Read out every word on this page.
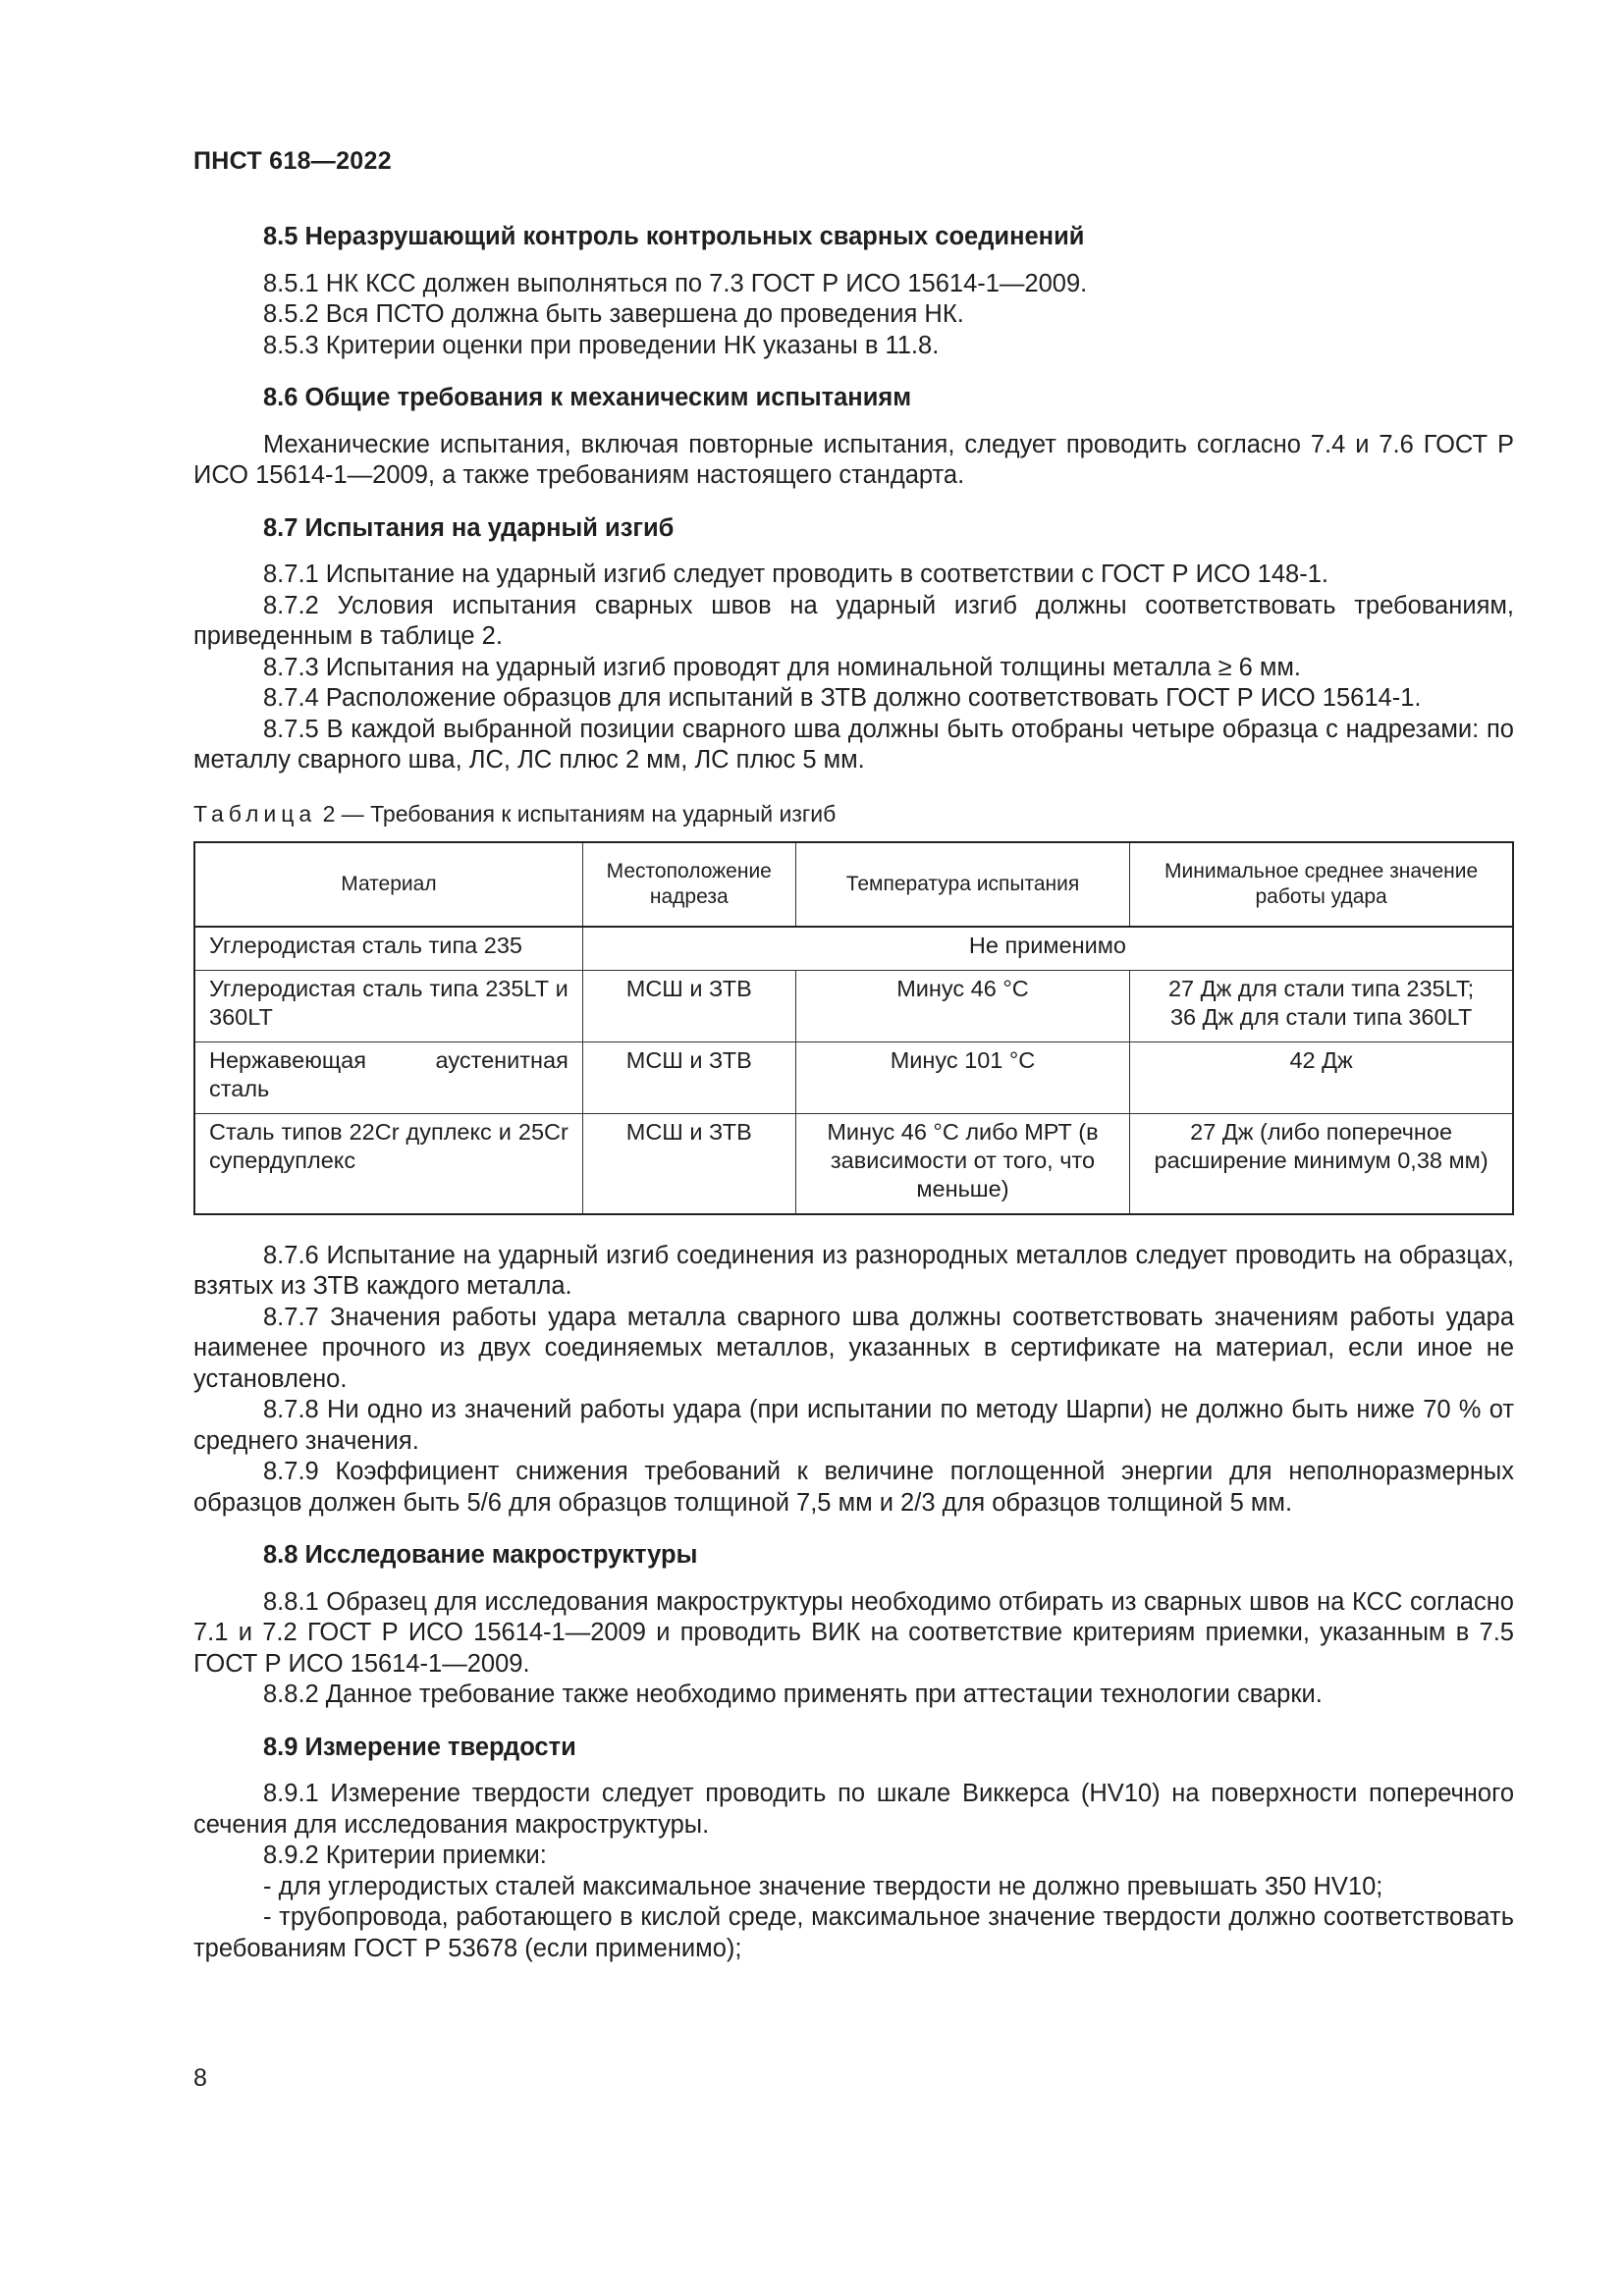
ПНСТ 618—2022
8.5 Неразрушающий контроль контрольных сварных соединений

8.5.1 НК КСС должен выполняться по 7.3 ГОСТ Р ИСО 15614-1—2009.

8.5.2 Вся ПСТО должна быть завершена до проведения НК.

8.5.3 Критерии оценки при проведении НК указаны в 11.8.

8.6 Общие требования к механическим испытаниям

Механические испытания, включая повторные испытания, следует проводить согласно 7.4 и 7.6 ГОСТ Р ИСО 15614-1—2009, а также требованиям настоящего стандарта.

8.7 Испытания на ударный изгиб

8.7.1 Испытание на ударный изгиб следует проводить в соответствии с ГОСТ Р ИСО 148-1.

8.7.2 Условия испытания сварных швов на ударный изгиб должны соответствовать требованиям, приведенным в таблице 2.

8.7.3 Испытания на ударный изгиб проводят для номинальной толщины металла ≥ 6 мм.

8.7.4 Расположение образцов для испытаний в ЗТВ должно соответствовать ГОСТ Р ИСО 15614-1.

8.7.5 В каждой выбранной позиции сварного шва должны быть отобраны четыре образца с надрезами: по металлу сварного шва, ЛС, ЛС плюс 2 мм, ЛС плюс 5 мм.

Таблица 2 — Требования к испытаниям на ударный изгиб
Материал	Местоположение надреза	Температура испытания	Минимальное среднее значение работы удара
Углеродистая сталь типа 235	Не применимо		
Углеродистая сталь типа 235LT и 360LT	МСШ и ЗТВ	Минус 46 °С	27 Дж для стали типа 235LT;
36 Дж для стали типа 360LT

Нержавеющая аустенитная сталь	МСШ и ЗТВ	Минус 101 °С	42 Дж
Сталь типов 22Cr дуплекс и 25Cr супердуплекс	МСШ и ЗТВ	Минус 46 °С либо МРТ (в зависимости от того, что меньше)	27 Дж (либо поперечное расширение минимум 0,38 мм)

8.7.6 Испытание на ударный изгиб соединения из разнородных металлов следует проводить на образцах, взятых из ЗТВ каждого металла.

8.7.7 Значения работы удара металла сварного шва должны соответствовать значениям работы удара наименее прочного из двух соединяемых металлов, указанных в сертификате на материал, если иное не установлено.

8.7.8 Ни одно из значений работы удара (при испытании по методу Шарпи) не должно быть ниже 70 % от среднего значения.

8.7.9 Коэффициент снижения требований к величине поглощенной энергии для неполноразмерных образцов должен быть 5/6 для образцов толщиной 7,5 мм и 2/3 для образцов толщиной 5 мм.

8.8 Исследование макроструктуры

8.8.1 Образец для исследования макроструктуры необходимо отбирать из сварных швов на КСС согласно 7.1 и 7.2 ГОСТ Р ИСО 15614-1—2009 и проводить ВИК на соответствие критериям приемки, указанным в 7.5 ГОСТ Р ИСО 15614-1—2009.

8.8.2 Данное требование также необходимо применять при аттестации технологии сварки.

8.9 Измерение твердости

8.9.1 Измерение твердости следует проводить по шкале Виккерса (HV10) на поверхности поперечного сечения для исследования макроструктуры.

8.9.2 Критерии приемки:

- для углеродистых сталей максимальное значение твердости не должно превышать 350 HV10;

- трубопровода, работающего в кислой среде, максимальное значение твердости должно соответствовать требованиям ГОСТ Р 53678 (если применимо);

8
